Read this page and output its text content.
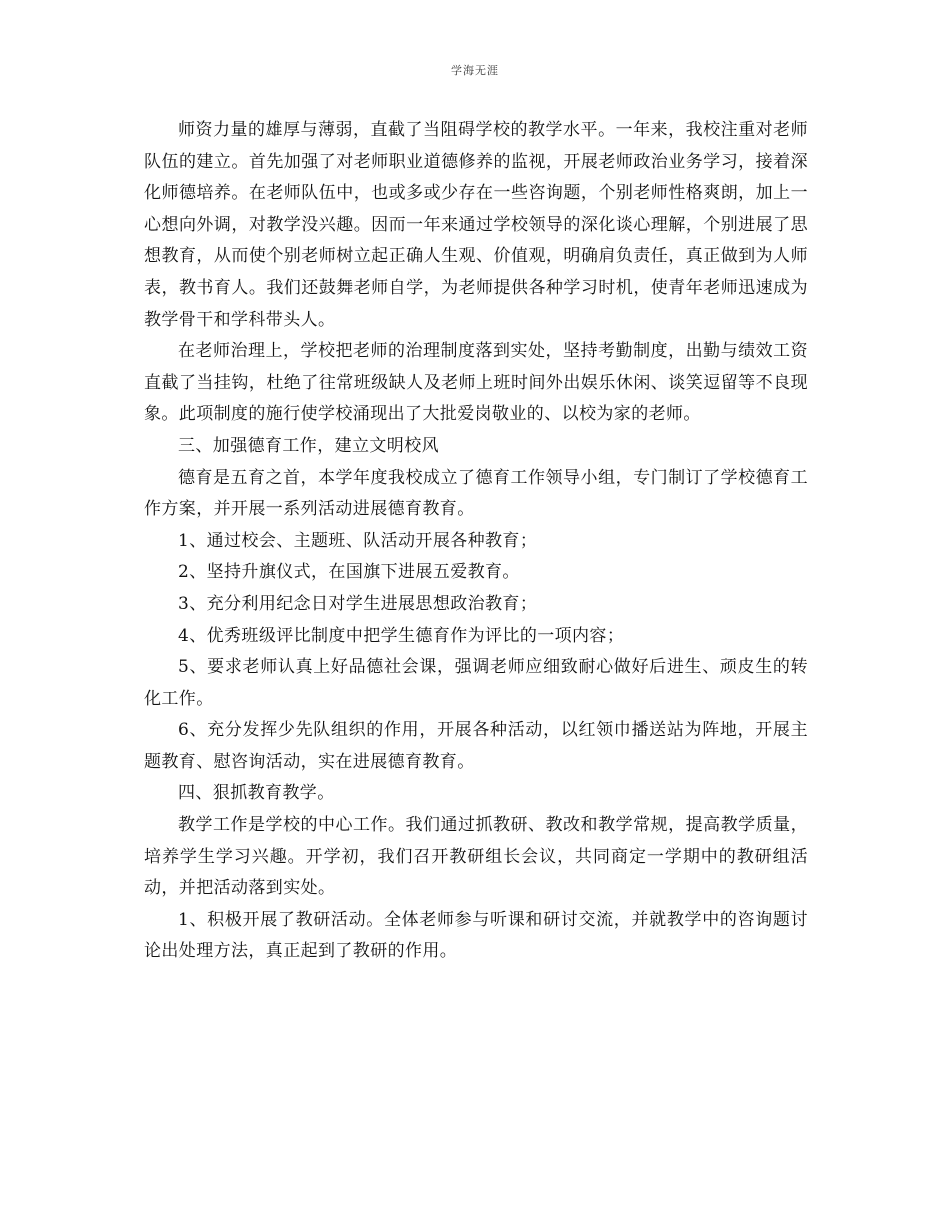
学海无涯

师资力量的雄厚与薄弱，直截了当阻碍学校的教学水平。一年来，我校注重对老师队伍的建立。首先加强了对老师职业道德修养的监视，开展老师政治业务学习，接着深化师德培养。在老师队伍中，也或多或少存在一些咨询题，个别老师性格爽朗，加上一心想向外调，对教学没兴趣。因而一年来通过学校领导的深化谈心理解，个别进展了思想教育，从而使个别老师树立起正确人生观、价值观，明确肩负责任，真正做到为人师表，教书育人。我们还鼓舞老师自学，为老师提供各种学习时机，使青年老师迅速成为教学骨干和学科带头人。

在老师治理上，学校把老师的治理制度落到实处，坚持考勤制度，出勤与绩效工资直截了当挂钩，杜绝了往常班级缺人及老师上班时间外出娱乐休闲、谈笑逗留等不良现象。此项制度的施行使学校涌现出了大批爱岗敬业的、以校为家的老师。

三、加强德育工作，建立文明校风

德育是五育之首，本学年度我校成立了德育工作领导小组，专门制订了学校德育工作方案，并开展一系列活动进展德育教育。

1、通过校会、主题班、队活动开展各种教育；

2、坚持升旗仪式，在国旗下进展五爱教育。

3、充分利用纪念日对学生进展思想政治教育；

4、优秀班级评比制度中把学生德育作为评比的一项内容；

5、要求老师认真上好品德社会课，强调老师应细致耐心做好后进生、顽皮生的转化工作。

6、充分发挥少先队组织的作用，开展各种活动，以红领巾播送站为阵地，开展主题教育、慰咨询活动，实在进展德育教育。

四、狠抓教育教学。

教学工作是学校的中心工作。我们通过抓教研、教改和教学常规，提高教学质量，培养学生学习兴趣。开学初，我们召开教研组长会议，共同商定一学期中的教研组活动，并把活动落到实处。

1、积极开展了教研活动。全体老师参与听课和研讨交流，并就教学中的咨询题讨论出处理方法，真正起到了教研的作用。
